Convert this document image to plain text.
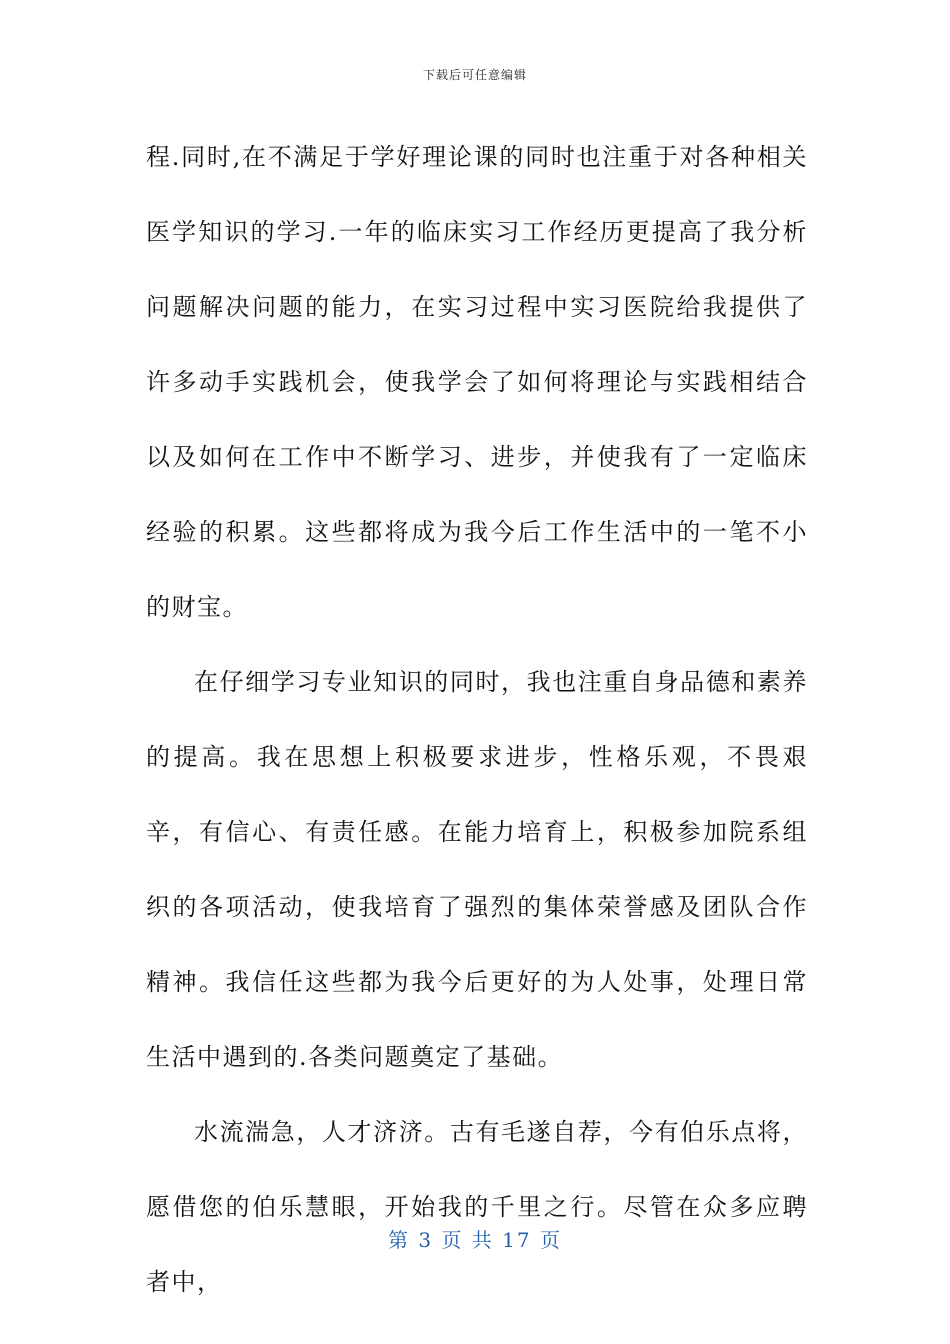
下载后可任意编辑

程.同时,在不满足于学好理论课的同时也注重于对各种相关医学知识的学习.一年的临床实习工作经历更提高了我分析问题解决问题的能力，在实习过程中实习医院给我提供了许多动手实践机会，使我学会了如何将理论与实践相结合以及如何在工作中不断学习、进步，并使我有了一定临床经验的积累。这些都将成为我今后工作生活中的一笔不小的财宝。

在仔细学习专业知识的同时，我也注重自身品德和素养的提高。我在思想上积极要求进步，性格乐观，不畏艰辛，有信心、有责任感。在能力培育上，积极参加院系组织的各项活动，使我培育了强烈的集体荣誉感及团队合作精神。我信任这些都为我今后更好的为人处事，处理日常生活中遇到的.各类问题奠定了基础。

水流湍急，人才济济。古有毛遂自荐，今有伯乐点将，愿借您的伯乐慧眼，开始我的千里之行。尽管在众多应聘者中，

第 3 页 共 17 页
